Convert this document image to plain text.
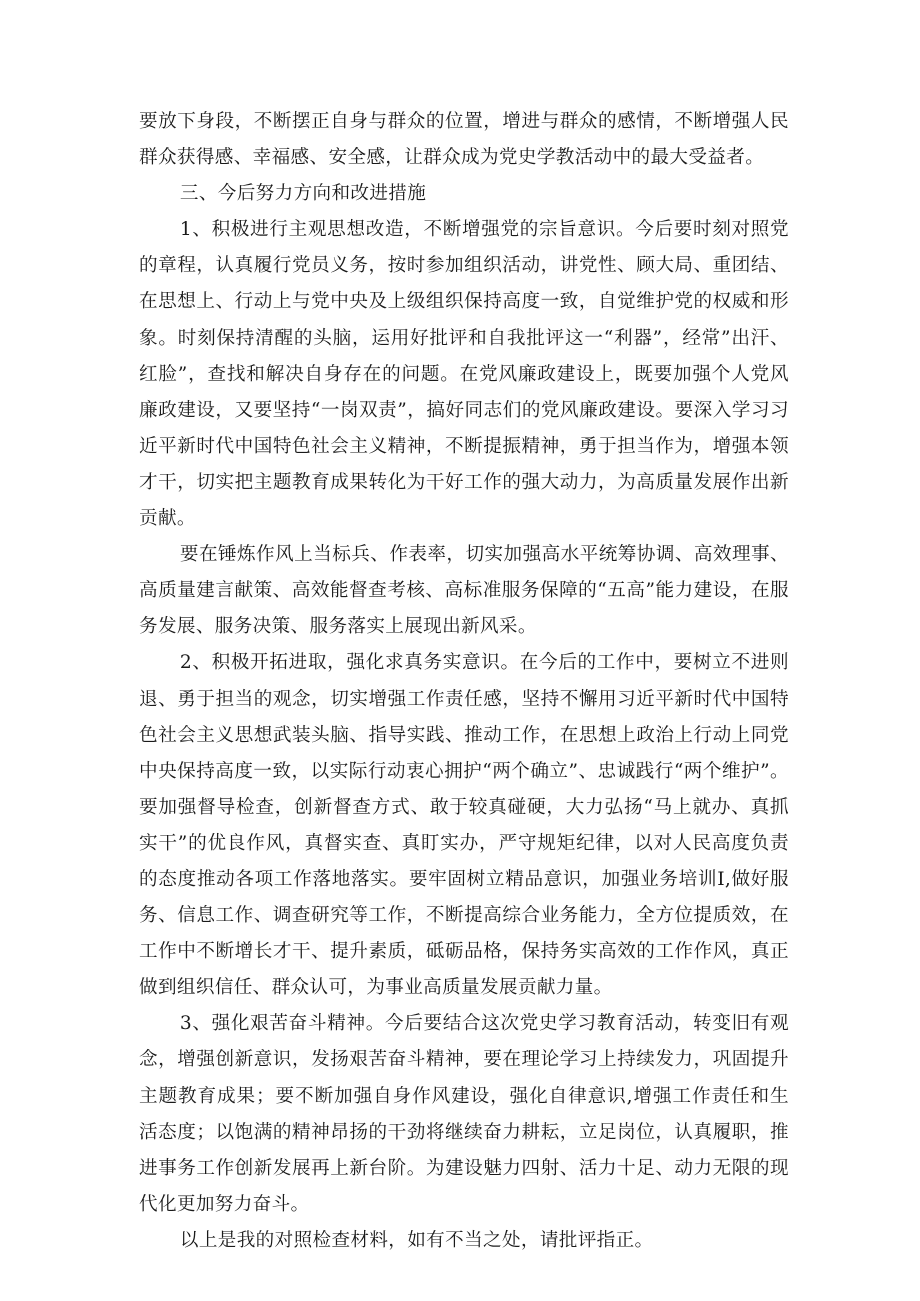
要放下身段，不断摆正自身与群众的位置，增进与群众的感情，不断增强人民群众获得感、幸福感、安全感，让群众成为党史学教活动中的最大受益者。

三、今后努力方向和改进措施

1、积极进行主观思想改造，不断增强党的宗旨意识。今后要时刻对照党的章程，认真履行党员义务，按时参加组织活动，讲党性、顾大局、重团结、在思想上、行动上与党中央及上级组织保持高度一致，自觉维护党的权威和形象。时刻保持清醒的头脑，运用好批评和自我批评这一“利器”，经常”出汗、红脸”，查找和解决自身存在的问题。在党风廉政建设上，既要加强个人党风廉政建设，又要坚持“一岗双责”，搞好同志们的党风廉政建设。要深入学习习近平新时代中国特色社会主义精神，不断提振精神，勇于担当作为，增强本领才干，切实把主题教育成果转化为干好工作的强大动力，为高质量发展作出新贡献。

要在锤炼作风上当标兵、作表率，切实加强高水平统筹协调、高效理事、高质量建言献策、高效能督查考核、高标准服务保障的“五高”能力建设，在服务发展、服务决策、服务落实上展现出新风采。

2、积极开拓进取，强化求真务实意识。在今后的工作中，要树立不进则退、勇于担当的观念，切实增强工作责任感，坚持不懈用习近平新时代中国特色社会主义思想武装头脑、指导实践、推动工作，在思想上政治上行动上同党中央保持高度一致，以实际行动衷心拥护“两个确立”、忠诚践行“两个维护”。要加强督导检查，创新督查方式、敢于较真碰硬，大力弘扬“马上就办、真抓实干”的优良作风，真督实查、真盯实办，严守规矩纪律，以对人民高度负责的态度推动各项工作落地落实。要牢固树立精品意识，加强业务培训I,做好服务、信息工作、调查研究等工作，不断提高综合业务能力，全方位提质效，在工作中不断增长才干、提升素质，砥砺品格，保持务实高效的工作作风，真正做到组织信任、群众认可，为事业高质量发展贡献力量。

3、强化艰苦奋斗精神。今后要结合这次党史学习教育活动，转变旧有观念，增强创新意识，发扬艰苦奋斗精神，要在理论学习上持续发力，巩固提升主题教育成果；要不断加强自身作风建设，强化自律意识,增强工作责任和生活态度；以饱满的精神昂扬的干劲将继续奋力耕耘，立足岗位，认真履职，推进事务工作创新发展再上新台阶。为建设魅力四射、活力十足、动力无限的现代化更加努力奋斗。

以上是我的对照检查材料，如有不当之处，请批评指正。
